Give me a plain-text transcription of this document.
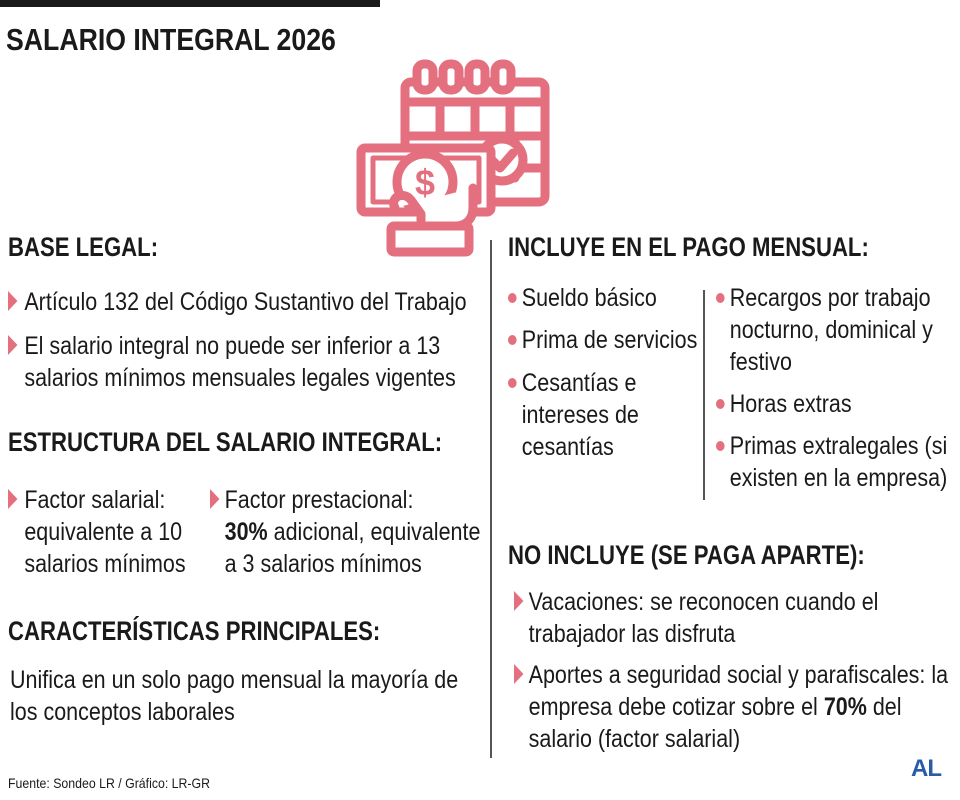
SALARIO INTEGRAL 2026
$
BASE LEGAL:
Artículo 132 del Código Sustantivo del Trabajo
El salario integral no puede ser inferior a 13
salarios mínimos mensuales legales vigentes
ESTRUCTURA DEL SALARIO INTEGRAL:
Factor salarial:
equivalente a 10
salarios mínimos
Factor prestacional:
30% adicional, equivalente
a 3 salarios mínimos
CARACTERÍSTICAS PRINCIPALES:
Unifica en un solo pago mensual la mayoría de
los conceptos laborales
INCLUYE EN EL PAGO MENSUAL:
Sueldo básico
Prima de servicios
Cesantías e
intereses de
cesantías
Recargos por trabajo
nocturno, dominical y
festivo
Horas extras
Primas extralegales (si
existen en la empresa)
NO INCLUYE (SE PAGA APARTE):
Vacaciones: se reconocen cuando el
trabajador las disfruta
Aportes a seguridad social y parafiscales: la
empresa debe cotizar sobre el 70% del
salario (factor salarial)
Fuente: Sondeo LR / Gráfico: LR-GR
AL
